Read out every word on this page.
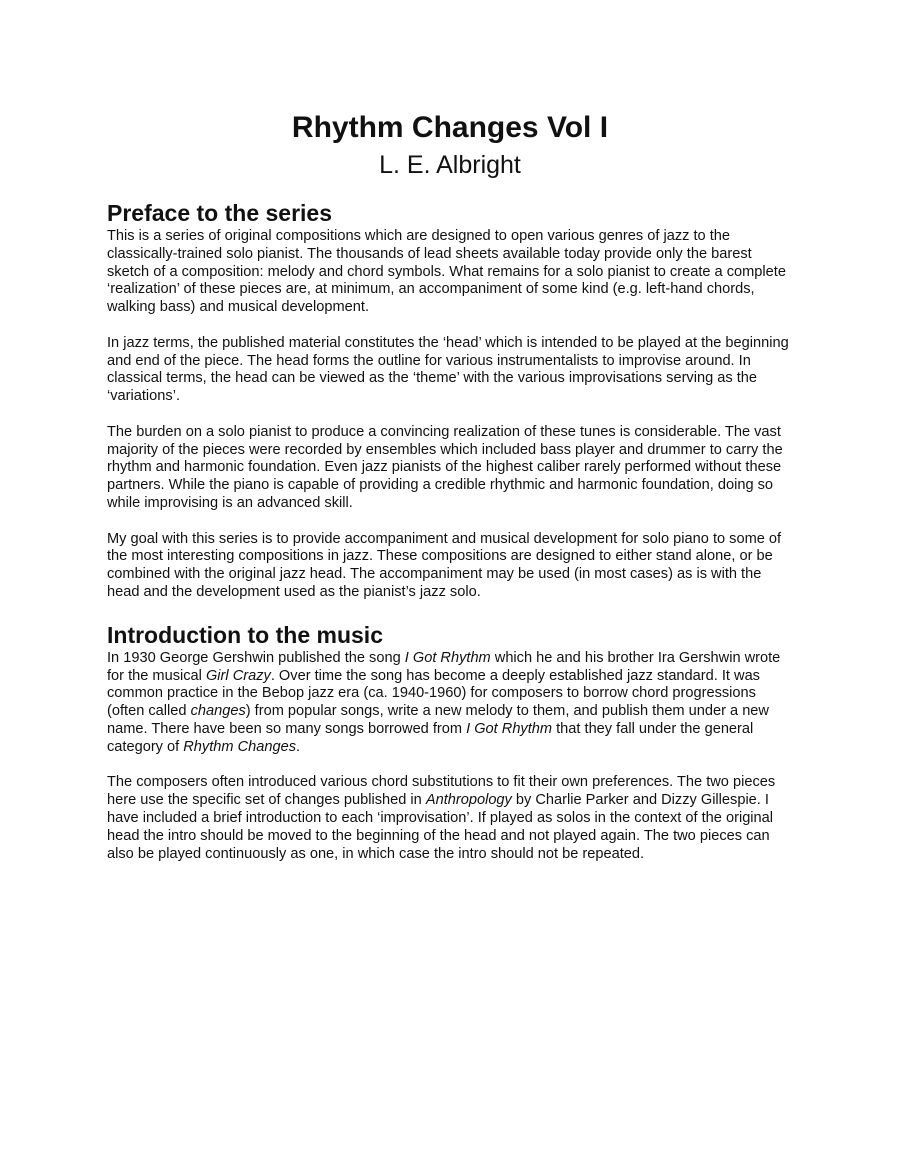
Rhythm Changes Vol I
L. E. Albright
Preface to the series

This is a series of original compositions which are designed to open various genres of jazz to the classically-trained solo pianist. The thousands of lead sheets available today provide only the barest sketch of a composition: melody and chord symbols. What remains for a solo pianist to create a complete ‘realization’ of these pieces are, at minimum, an accompaniment of some kind (e.g. left-hand chords, walking bass) and musical development.

In jazz terms, the published material constitutes the ‘head’ which is intended to be played at the beginning and end of the piece. The head forms the outline for various instrumentalists to improvise around. In classical terms, the head can be viewed as the ‘theme’ with the various improvisations serving as the ‘variations’.

The burden on a solo pianist to produce a convincing realization of these tunes is considerable. The vast majority of the pieces were recorded by ensembles which included bass player and drummer to carry the rhythm and harmonic foundation. Even jazz pianists of the highest caliber rarely performed without these partners. While the piano is capable of providing a credible rhythmic and harmonic foundation, doing so while improvising is an advanced skill.

My goal with this series is to provide accompaniment and musical development for solo piano to some of the most interesting compositions in jazz. These compositions are designed to either stand alone, or be combined with the original jazz head. The accompaniment may be used (in most cases) as is with the head and the development used as the pianist’s jazz solo.

Introduction to the music

In 1930 George Gershwin published the song I Got Rhythm which he and his brother Ira Gershwin wrote for the musical Girl Crazy. Over time the song has become a deeply established jazz standard. It was common practice in the Bebop jazz era (ca. 1940-1960) for composers to borrow chord progressions (often called changes) from popular songs, write a new melody to them, and publish them under a new name. There have been so many songs borrowed from I Got Rhythm that they fall under the general category of Rhythm Changes.

The composers often introduced various chord substitutions to fit their own preferences. The two pieces here use the specific set of changes published in Anthropology by Charlie Parker and Dizzy Gillespie. I have included a brief introduction to each ‘improvisation’. If played as solos in the context of the original head the intro should be moved to the beginning of the head and not played again. The two pieces can also be played continuously as one, in which case the intro should not be repeated.
